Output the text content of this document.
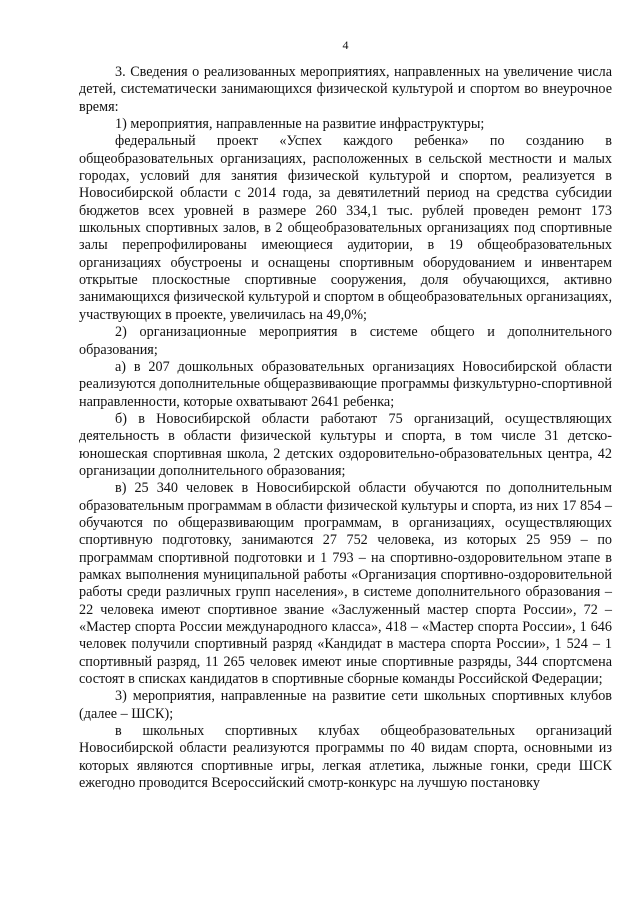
4

3. Сведения о реализованных мероприятиях, направленных на увеличение числа детей, систематически занимающихся физической культурой и спортом во внеурочное время:

1) мероприятия, направленные на развитие инфраструктуры;

федеральный проект «Успех каждого ребенка» по созданию в общеобразовательных организациях, расположенных в сельской местности и малых городах, условий для занятия физической культурой и спортом, реализуется в Новосибирской области с 2014 года, за девятилетний период на средства субсидии бюджетов всех уровней в размере 260 334,1 тыс. рублей проведен ремонт 173 школьных спортивных залов, в 2 общеобразовательных организациях под спортивные залы перепрофилированы имеющиеся аудитории, в 19 общеобразовательных организациях обустроены и оснащены спортивным оборудованием и инвентарем открытые плоскостные спортивные сооружения, доля обучающихся, активно занимающихся физической культурой и спортом в общеобразовательных организациях, участвующих в проекте, увеличилась на 49,0%;

2) организационные мероприятия в системе общего и дополнительного образования;

а) в 207 дошкольных образовательных организациях Новосибирской области реализуются дополнительные общеразвивающие программы физкультурно-спортивной направленности, которые охватывают 2641 ребенка;

б) в Новосибирской области работают 75 организаций, осуществляющих деятельность в области физической культуры и спорта, в том числе 31 детско-юношеская спортивная школа, 2 детских оздоровительно-образовательных центра, 42 организации дополнительного образования;

в) 25 340 человек в Новосибирской области обучаются по дополнительным образовательным программам в области физической культуры и спорта, из них 17 854 – обучаются по общеразвивающим программам, в организациях, осуществляющих спортивную подготовку, занимаются 27 752 человека, из которых 25 959 – по программам спортивной подготовки и 1 793 – на спортивно-оздоровительном этапе в рамках выполнения муниципальной работы «Организация спортивно-оздоровительной работы среди различных групп населения», в системе дополнительного образования – 22 человека имеют спортивное звание «Заслуженный мастер спорта России», 72 – «Мастер спорта России международного класса», 418 – «Мастер спорта России», 1 646 человек получили спортивный разряд «Кандидат в мастера спорта России», 1 524 – 1 спортивный разряд, 11 265 человек имеют иные спортивные разряды, 344 спортсмена состоят в списках кандидатов в спортивные сборные команды Российской Федерации;

3) мероприятия, направленные на развитие сети школьных спортивных клубов (далее – ШСК);

в школьных спортивных клубах общеобразовательных организаций Новосибирской области реализуются программы по 40 видам спорта, основными из которых являются спортивные игры, легкая атлетика, лыжные гонки, среди ШСК ежегодно проводится Всероссийский смотр-конкурс на лучшую постановку
